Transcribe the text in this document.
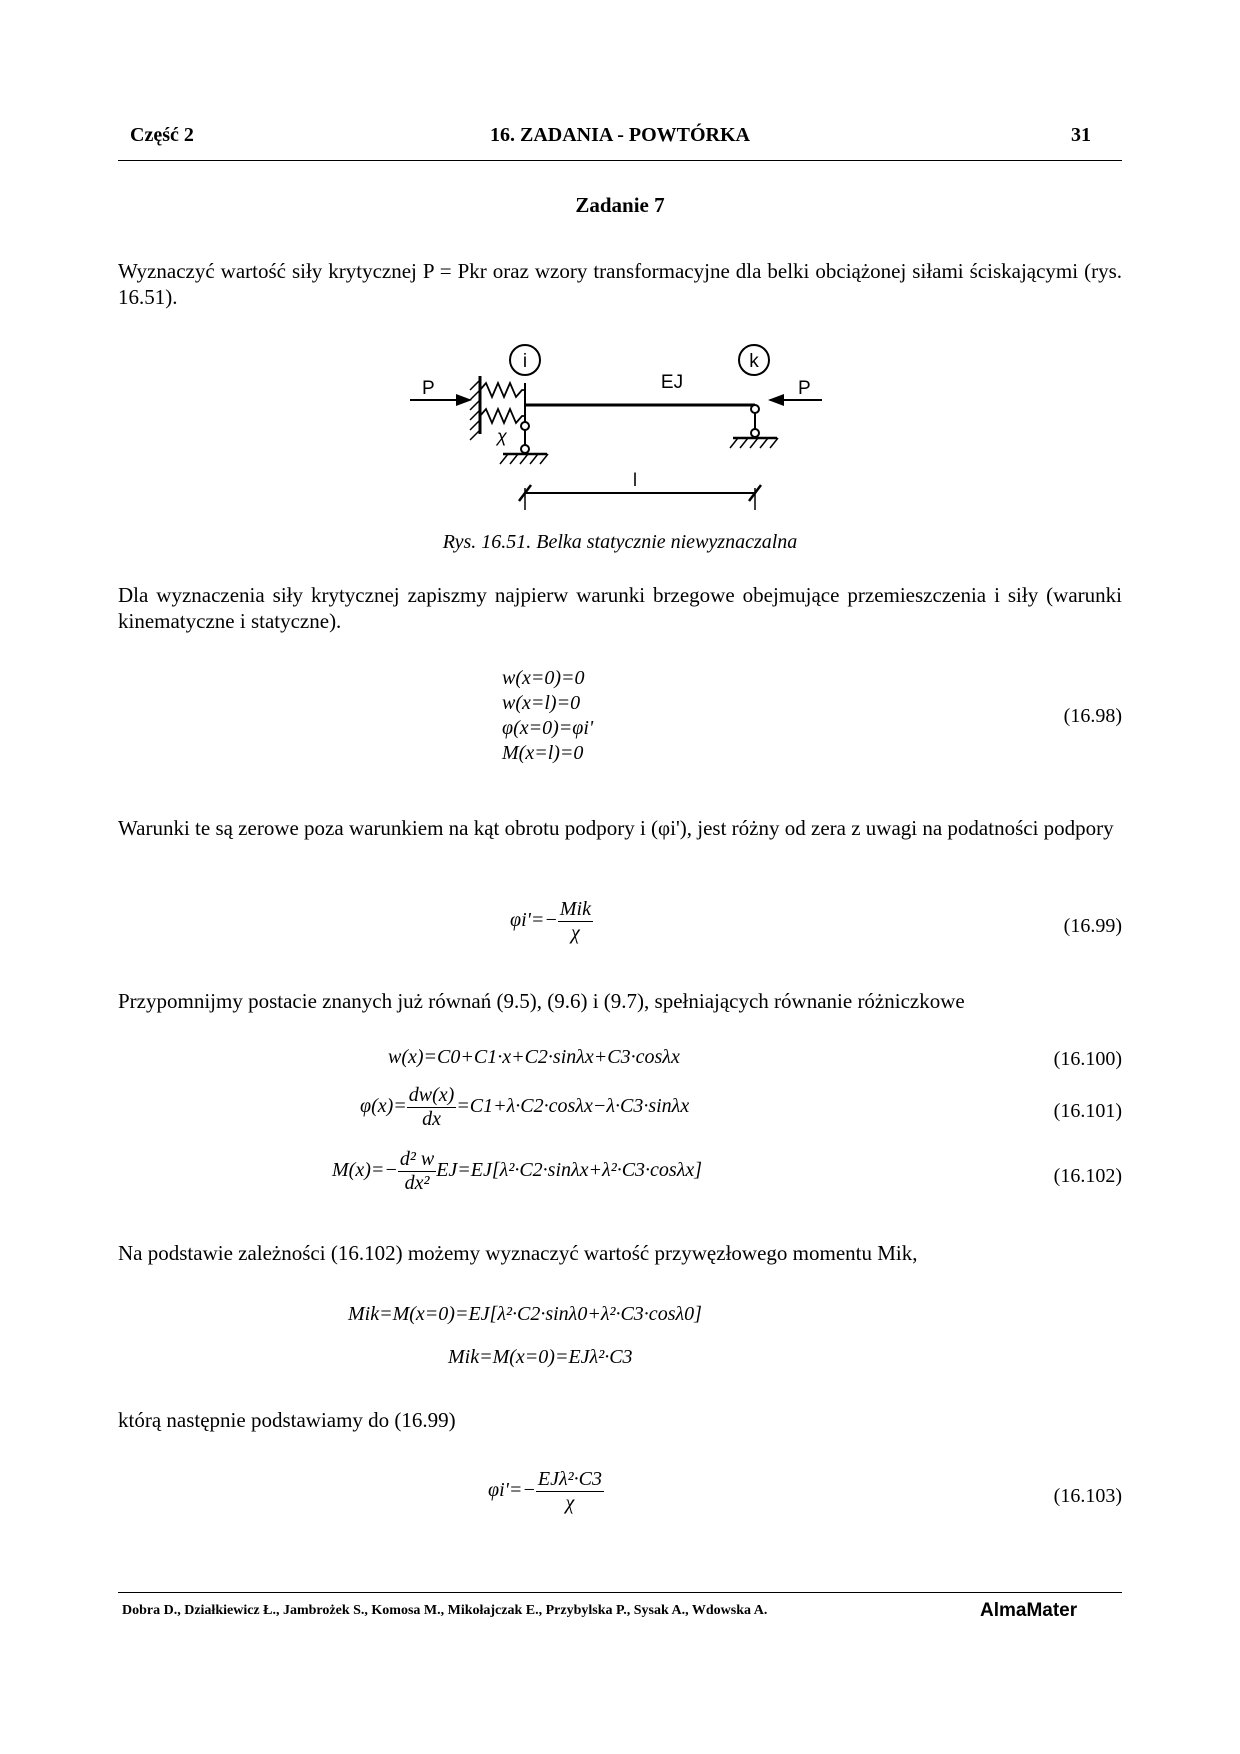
Część 2	16. ZADANIA - POWTÓRKA	31
Zadanie 7
Wyznaczyć wartość siły krytycznej P = Pkr oraz wzory transformacyjne dla belki obciążonej siłami ściskającymi (rys. 16.51).
P	P
χ
i	k
EJ
l
Rys. 16.51. Belka statycznie niewyznaczalna
Dla wyznaczenia siły krytycznej zapiszmy najpierw warunki brzegowe obejmujące przemieszczenia i siły (warunki kinematyczne i statyczne).
w(x=0)=0
w(x=l)=0
φ(x=0)=φi'
M(x=l)=0
(16.98)
Warunki te są zerowe poza warunkiem na kąt obrotu podpory i (φi'), jest różny od zera z uwagi na podatności podpory
$\varphi i'=- \frac{\text{Mik}}{\chi}$	(16.99)
Przypomnijmy postacie znanych już równań (9.5), (9.6) i (9.7), spełniających równanie różniczkowe
w(x)=C0+C1·x+C2·sinλx+C3·cosλx	(16.100)
$\varphi(x)= \frac{dw(x)}{dx} =C1+\lambda\cdot C2\cdot\cos\lambda x-\lambda\cdot C3\cdot\sin\lambda x$	(16.101)
$M(x)=- \frac{\text{d² w}}{\text{dx²}} EJ=EJ[\lambda^2\cdot C2\cdot\sin\lambda x+\lambda^2\cdot C3\cdot\cos\lambda x]$	(16.102)
Na podstawie zależności (16.102) możemy wyznaczyć wartość przywęzłowego momentu Mik,
Mik=M(x=0)=EJ[λ²·C2·sinλ0+λ²·C3·cosλ0]
Mik=M(x=0)=EJλ²·C3
którą następnie podstawiamy do (16.99)
$\varphi i'=- \frac{\text{EJλ²·C3}}{\chi}$	(16.103)
Dobra D., Działkiewicz Ł., Jambrożek S., Komosa M., Mikołajczak E., Przybylska P., Sysak A., Wdowska A.	AlmaMater
